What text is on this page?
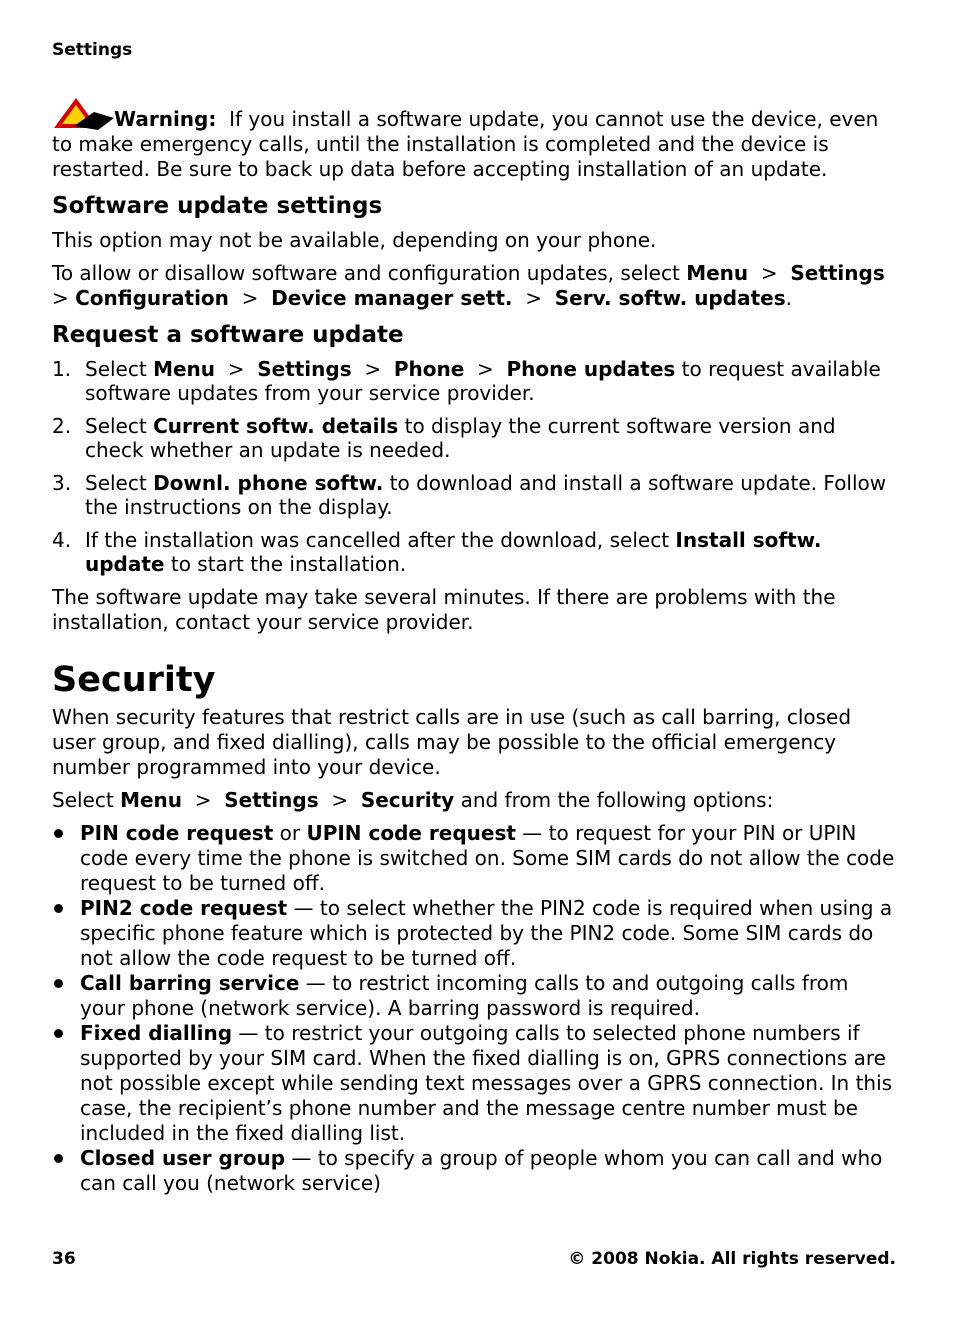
Settings

Warning: If you install a software update, you cannot use the device, even to make emergency calls, until the installation is completed and the device is restarted. Be sure to back up data before accepting installation of an update.

Software update settings

This option may not be available, depending on your phone.

To allow or disallow software and configuration updates, select Menu > Settings  > Configuration > Device manager sett. > Serv. softw. updates.

Request a software update
1. Select Menu > Settings > Phone > Phone updates to request available software updates from your service provider.
2. Select Current softw. details to display the current software version and check whether an update is needed.
3. Select Downl. phone softw. to download and install a software update. Follow the instructions on the display.
4. If the installation was cancelled after the download, select Install softw. update to start the installation.

The software update may take several minutes. If there are problems with the installation, contact your service provider.

Security

When security features that restrict calls are in use (such as call barring, closed user group, and fixed dialling), calls may be possible to the official emergency number programmed into your device.

Select Menu > Settings > Security and from the following options:

PIN code request or UPIN code request — to request for your PIN or UPIN code every time the phone is switched on. Some SIM cards do not allow the code request to be turned off.
PIN2 code request — to select whether the PIN2 code is required when using a specific phone feature which is protected by the PIN2 code. Some SIM cards do not allow the code request to be turned off.
Call barring service — to restrict incoming calls to and outgoing calls from your phone (network service). A barring password is required.
Fixed dialling — to restrict your outgoing calls to selected phone numbers if supported by your SIM card. When the fixed dialling is on, GPRS connections are not possible except while sending text messages over a GPRS connection. In this case, the recipient’s phone number and the message centre number must be included in the fixed dialling list.
Closed user group — to specify a group of people whom you can call and who can call you (network service)
36	© 2008 Nokia. All rights reserved.
